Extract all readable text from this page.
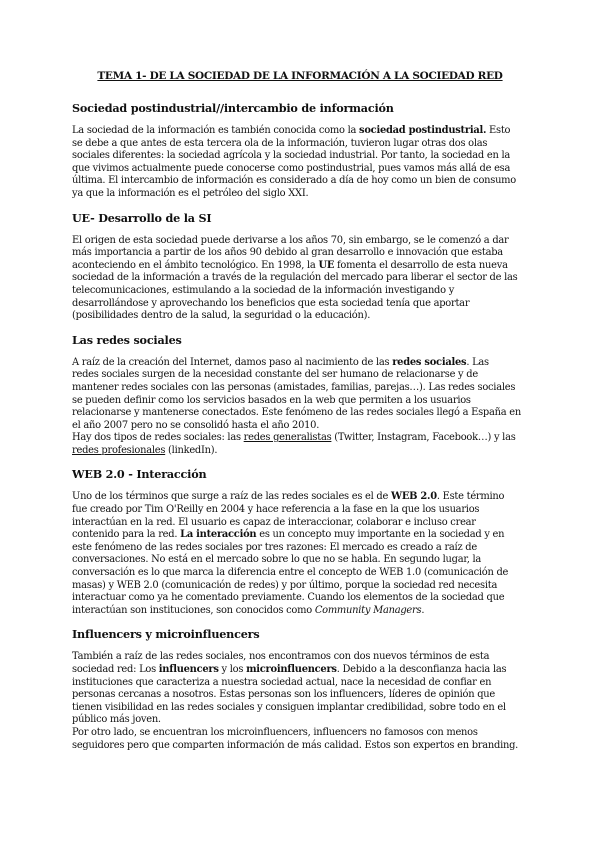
TEMA 1- DE LA SOCIEDAD DE LA INFORMACIÓN A LA SOCIEDAD RED
Sociedad postindustrial//intercambio de información
La sociedad de la información es también conocida como la sociedad postindustrial. Esto
se debe a que antes de esta tercera ola de la información, tuvieron lugar otras dos olas
sociales diferentes: la sociedad agrícola y la sociedad industrial. Por tanto, la sociedad en la
que vivimos actualmente puede conocerse como postindustrial, pues vamos más allá de esa
última. El intercambio de información es considerado a día de hoy como un bien de consumo
ya que la información es el petróleo del siglo XXI.
UE- Desarrollo de la SI
El origen de esta sociedad puede derivarse a los años 70, sin embargo, se le comenzó a dar
más importancia a partir de los años 90 debido al gran desarrollo e innovación que estaba
aconteciendo en el ámbito tecnológico. En 1998, la UE fomenta el desarrollo de esta nueva
sociedad de la información a través de la regulación del mercado para liberar el sector de las
telecomunicaciones, estimulando a la sociedad de la información investigando y
desarrollándose y aprovechando los beneficios que esta sociedad tenía que aportar
(posibilidades dentro de la salud, la seguridad o la educación).
Las redes sociales
A raíz de la creación del Internet, damos paso al nacimiento de las redes sociales. Las
redes sociales surgen de la necesidad constante del ser humano de relacionarse y de
mantener redes sociales con las personas (amistades, familias, parejas…). Las redes sociales
se pueden definir como los servicios basados en la web que permiten a los usuarios
relacionarse y mantenerse conectados. Este fenómeno de las redes sociales llegó a España en
el año 2007 pero no se consolidó hasta el año 2010.
Hay dos tipos de redes sociales: las redes generalistas (Twitter, Instagram, Facebook…) y las
redes profesionales (linkedIn).
WEB 2.0 - Interacción
Uno de los términos que surge a raíz de las redes sociales es el de WEB 2.0. Este término
fue creado por Tim O'Reilly en 2004 y hace referencia a la fase en la que los usuarios
interactúan en la red. El usuario es capaz de interaccionar, colaborar e incluso crear
contenido para la red. La interacción es un concepto muy importante en la sociedad y en
este fenómeno de las redes sociales por tres razones: El mercado es creado a raíz de
conversaciones. No está en el mercado sobre lo que no se habla. En segundo lugar, la
conversación es lo que marca la diferencia entre el concepto de WEB 1.0 (comunicación de
masas) y WEB 2.0 (comunicación de redes) y por último, porque la sociedad red necesita
interactuar como ya he comentado previamente. Cuando los elementos de la sociedad que
interactúan son instituciones, son conocidos como Community Managers.
Influencers y microinfluencers
También a raíz de las redes sociales, nos encontramos con dos nuevos términos de esta
sociedad red: Los influencers y los microinfluencers. Debido a la desconfianza hacia las
instituciones que caracteriza a nuestra sociedad actual, nace la necesidad de confiar en
personas cercanas a nosotros. Estas personas son los influencers, líderes de opinión que
tienen visibilidad en las redes sociales y consiguen implantar credibilidad, sobre todo en el
público más joven.
Por otro lado, se encuentran los microinfluencers, influencers no famosos con menos
seguidores pero que comparten información de más calidad. Estos son expertos en branding.
